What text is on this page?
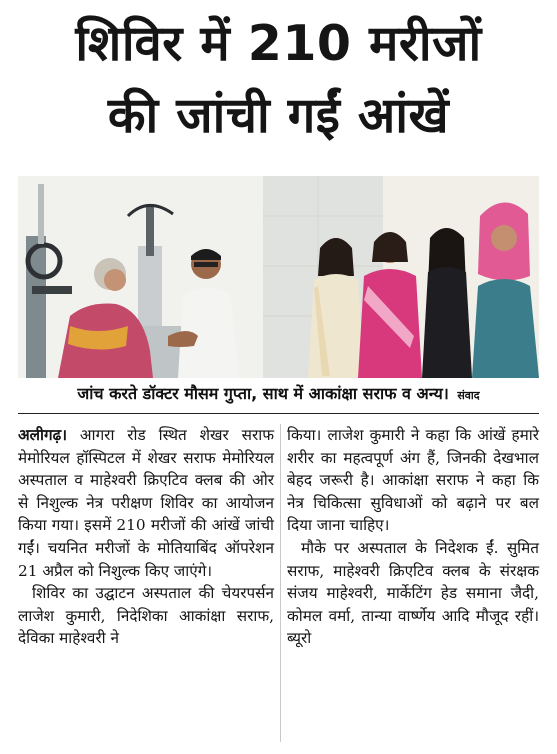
शिविर में 210 मरीजों
की जांची गईं आंखें
जांच करते डॉक्टर मौसम गुप्ता, साथ में आकांक्षा सराफ व अन्य। संवाद

अलीगढ़। आगरा रोड स्थित शेखर सराफ मेमोरियल हॉस्पिटल में शेखर सराफ मेमोरियल अस्पताल व माहेश्वरी क्रिएटिव क्लब की ओर से निशुल्क नेत्र परीक्षण शिविर का आयोजन किया गया। इसमें 210 मरीजों की आंखें जांची गईं। चयनित मरीजों के मोतियाबिंद ऑपरेशन 21 अप्रैल को निशुल्क किए जाएंगे।

शिविर का उद्घाटन अस्पताल की चेयरपर्सन लाजेश कुमारी, निदेशिका आकांक्षा सराफ, देविका माहेश्वरी ने

किया। लाजेश कुमारी ने कहा कि आंखें हमारे शरीर का महत्वपूर्ण अंग हैं, जिनकी देखभाल बेहद जरूरी है। आकांक्षा सराफ ने कहा कि नेत्र चिकित्सा सुविधाओं को बढ़ाने पर बल दिया जाना चाहिए।

मौके पर अस्पताल के निदेशक ईं. सुमित सराफ, माहेश्वरी क्रिएटिव क्लब के संरक्षक संजय माहेश्वरी, मार्केटिंग हेड समाना जैदी, कोमल वर्मा, तान्या वार्ष्णेय आदि मौजूद रहीं। ब्यूरो
